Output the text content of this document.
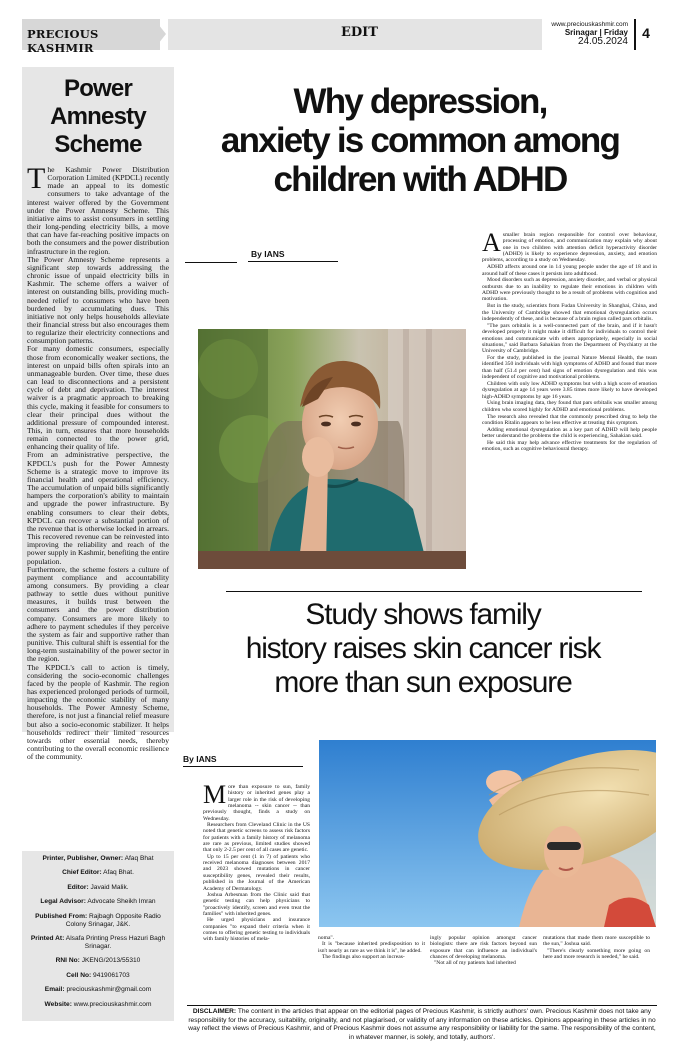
PRECIOUS KASHMIR
EDIT
www.preciouskashmir.com
Srinagar | Friday
24.05.2024
4
Power
Amnesty
Scheme
T he Kashmir Power Distribution Corporation Limited (KPDCL) recently made an appeal to its domestic consumers to take advantage of the interest waiver offered by the Government under the Power Amnesty Scheme. This initiative aims to assist consumers in settling their long-pending electricity bills, a move that can have far-reaching positive impacts on both the consumers and the power distribution infrastructure in the region.

The Power Amnesty Scheme represents a significant step towards addressing the chronic issue of unpaid electricity bills in Kashmir. The scheme offers a waiver of interest on outstanding bills, providing much-needed relief to consumers who have been burdened by accumulating dues. This initiative not only helps households alleviate their financial stress but also encourages them to regularize their electricity connections and consumption patterns.

For many domestic consumers, especially those from economically weaker sections, the interest on unpaid bills often spirals into an unmanageable burden. Over time, these dues can lead to disconnections and a persistent cycle of debt and deprivation. The interest waiver is a pragmatic approach to breaking this cycle, making it feasible for consumers to clear their principal dues without the additional pressure of compounded interest. This, in turn, ensures that more households remain connected to the power grid, enhancing their quality of life.

From an administrative perspective, the KPDCL's push for the Power Amnesty Scheme is a strategic move to improve its financial health and operational efficiency. The accumulation of unpaid bills significantly hampers the corporation's ability to maintain and upgrade the power infrastructure. By enabling consumers to clear their debts, KPDCL can recover a substantial portion of the revenue that is otherwise locked in arrears. This recovered revenue can be reinvested into improving the reliability and reach of the power supply in Kashmir, benefiting the entire population.

Furthermore, the scheme fosters a culture of payment compliance and accountability among consumers. By providing a clear pathway to settle dues without punitive measures, it builds trust between the consumers and the power distribution company. Consumers are more likely to adhere to payment schedules if they perceive the system as fair and supportive rather than punitive. This cultural shift is essential for the long-term sustainability of the power sector in the region.

The KPDCL's call to action is timely, considering the socio-economic challenges faced by the people of Kashmir. The region has experienced prolonged periods of turmoil, impacting the economic stability of many households. The Power Amnesty Scheme, therefore, is not just a financial relief measure but also a socio-economic stabilizer. It helps households redirect their limited resources towards other essential needs, thereby contributing to the overall economic resilience of the community.

Printer, Publisher, Owner: Afaq Bhat
Chief Editor: Afaq Bhat.
Editor: Javaid Malik.
Legal Advisor: Advocate Sheikh Imran
Published From: Rajbagh Opposite Radio Colony Srinagar, J&K.
Printed At: Alsafa Printing Press Hazuri Bagh Srinagar.
RNI No: JKENG/2013/55310
Cell No: 9419061703
Email: preciouskashmir@gmail.com
Website: www.preciouskashmir.com
Why depression,
anxiety is common among
children with ADHD
By IANS	Asmaller brain region responsible for control over behaviour, processing of emotion, and communication may explain why about one in two children with attention deficit hyperactivity disorder (ADHD) is likely to experience depression, anxiety, and emotion problems, according to a study on Wednesday.

ADHD affects around one in 14 young people under the age of 18 and in around half of these cases it persists into adulthood.

Mood disorders such as depression, anxiety disorder, and verbal or physical outbursts due to an inability to regulate their emotions in children with ADHD were previously thought to be a result of problems with cognition and motivation.

But in the study, scientists from Fudan University in Shanghai, China, and the University of Cambridge showed that emotional dysregulation occurs independently of these, and is because of a brain region called pars orbitalis.

"The pars orbitalis is a well-connected part of the brain, and if it hasn't developed properly it might make it difficult for individuals to control their emotions and communicate with others appropriately, especially in social situations," said Barbara Sahakian from the Department of Psychiatry at the University of Cambridge.

For the study, published in the journal Nature Mental Health, the team identified 350 individuals with high symptoms of ADHD and found that more than half (51.4 per cent) had signs of emotion dysregulation and this was independent of cognitive and motivational problems.

Children with only low ADHD symptoms but with a high score of emotion dysregulation at age 14 years were 3.85 times more likely to have developed high-ADHD symptoms by age 16 years.

Using brain imaging data, they found that pars orbitalis was smaller among children who scored highly for ADHD and emotional problems.

The research also revealed that the commonly prescribed drug to help the condition Ritalin appears to be less effective at treating this symptom.

Adding emotional dysregulation as a key part of ADHD will help people better understand the problems the child is experiencing, Sahakian said.

He said this may help advance effective treatments for the regulation of emotion, such as cognitive behavioural therapy.

Study shows family
history raises skin cancer risk
more than sun exposure
By IANS

More than exposure to sun, family history or inherited genes play a larger role in the risk of developing melanoma -- skin cancer -- than previously thought, finds a study on Wednesday.

Researchers from Cleveland Clinic in the US noted that genetic screens to assess risk factors for patients with a family history of melanoma are rare as previous, limited studies showed that only 2-2.5 per cent of all cases are genetic.

Up to 15 per cent (1 in 7) of patients who received melanoma diagnoses between 2017 and 2023 showed mutations in cancer susceptibility genes, revealed their results, published in the Journal of the American Academy of Dermatology.

Joshua Arbesman from the Clinic said that genetic testing can help physicians to "proactively identify, screen and even treat the families" with inherited genes.

He urged physicians and insurance companies "to expand their criteria when it comes to offering genetic testing to individuals with family histories of mela-	noma".

It is "because inherited predisposition to it isn't nearly as rare as we think it is", he added.

The findings also support an increas-

ingly popular opinion amongst cancer biologists: there are risk factors beyond sun exposure that can influence an individual's chances of developing melanoma.

"Not all of my patients had inherited

mutations that made them more susceptible to the sun," Joshua said.

"There's clearly something more going on here and more research is needed," he said.

DISCLAIMER: The content in the articles that appear on the editorial pages of Precious Kashmir, is strictly authors' own. Precious Kashmir does not take any responsibility for the accuracy, suitability, originality, and not plagiarised, or validity of any information on these articles. Opinions appearing in these articles in no way reflect the views of Precious Kashmir, and of Precious Kashmir does not assume any responsibility or liability for the same. The responsibility of the content, in whatever manner, is solely, and totally, authors'.
